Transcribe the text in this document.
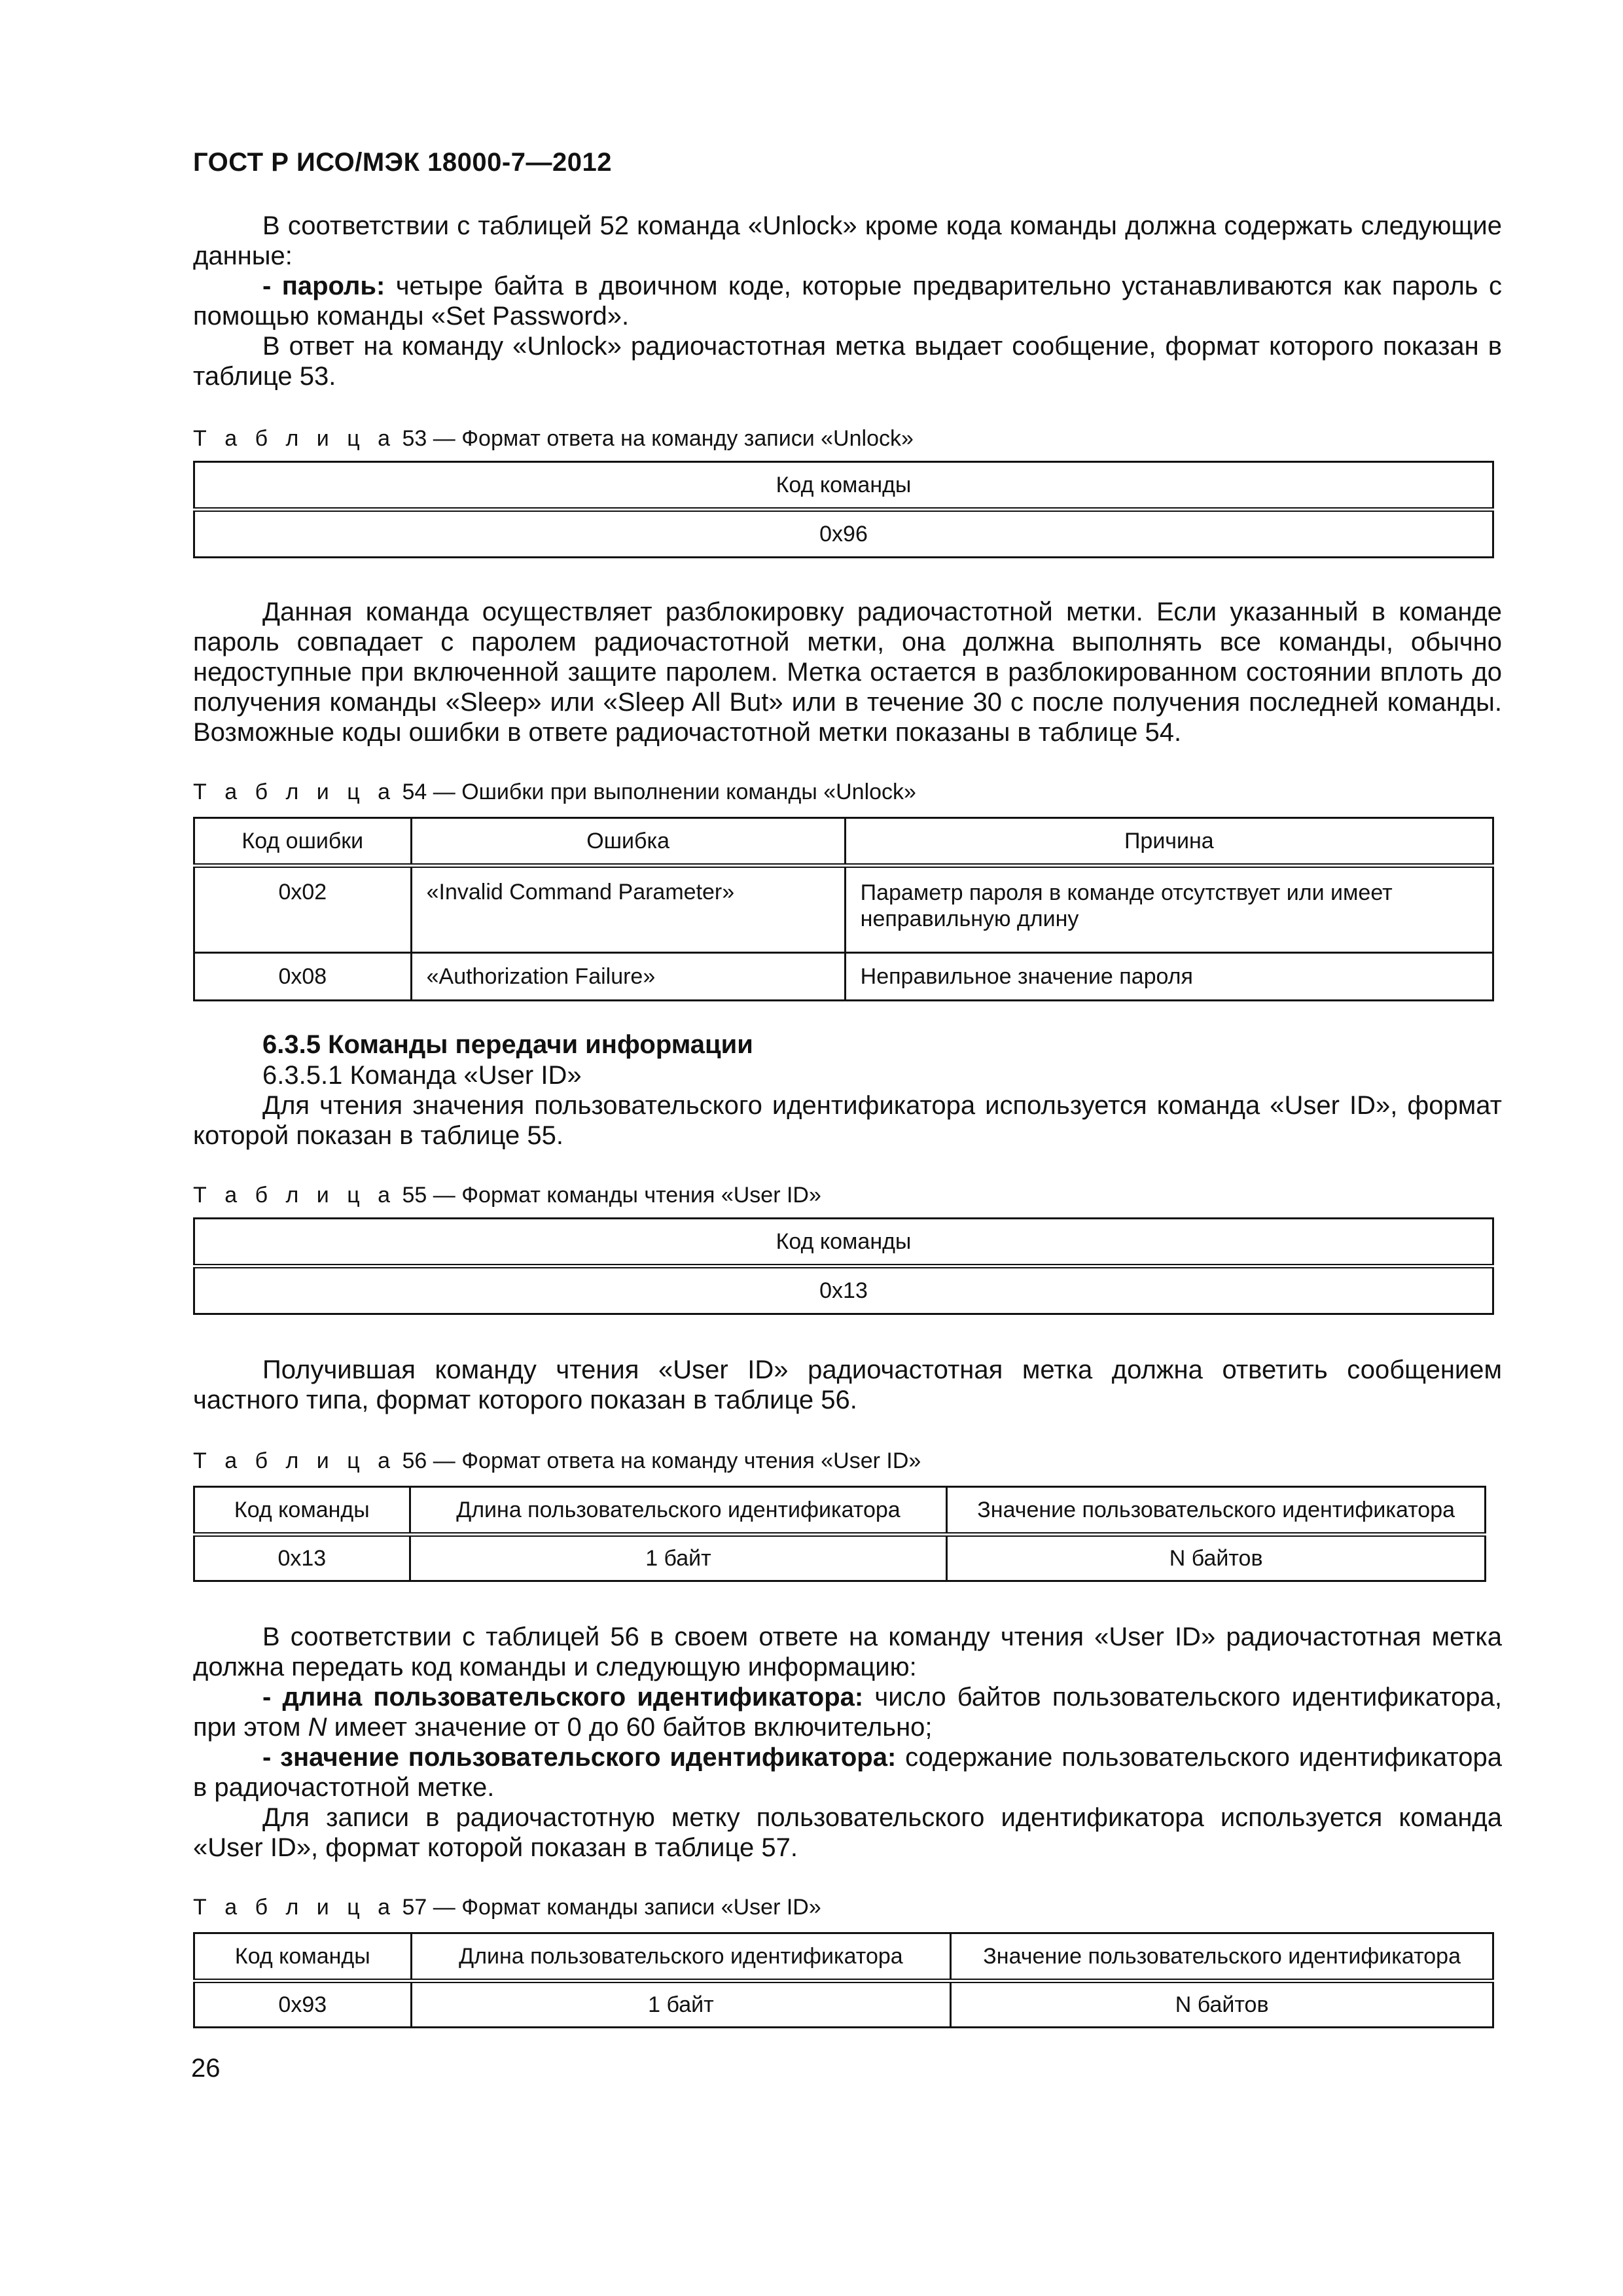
ГОСТ Р ИСО/МЭК 18000-7—2012

В соответствии с таблицей 52 команда «Unlock» кроме кода команды должна содержать следующие данные:

- пароль: четыре байта в двоичном коде, которые предварительно устанавливаются как пароль с помощью команды «Set Password».

В ответ на команду «Unlock» радиочастотная метка выдает сообщение, формат которого показан в таблице 53.

Т а б л и ц а 53 — Формат ответа на команду записи «Unlock»
Код команды
0x96

Данная команда осуществляет разблокировку радиочастотной метки. Если указанный в команде пароль совпадает с паролем радиочастотной метки, она должна выполнять все команды, обычно недоступные при включенной защите паролем. Метка остается в разблокированном состоянии вплоть до получения команды «Sleep» или «Sleep All But» или в течение 30 с после получения последней команды. Возможные коды ошибки в ответе радиочастотной метки показаны в таблице 54.

Т а б л и ц а 54 — Ошибки при выполнении команды «Unlock»
Код ошибки	Ошибка	Причина
0x02	«Invalid Command Parameter»	Параметр пароля в команде отсутствует или имеет неправильную длину
0x08	«Authorization Failure»	Неправильное значение пароля
6.3.5 Команды передачи информации

6.3.5.1 Команда «User ID»

Для чтения значения пользовательского идентификатора используется команда «User ID», формат которой показан в таблице 55.

Т а б л и ц а 55 — Формат команды чтения «User ID»
Код команды
0x13

Получившая команду чтения «User ID» радиочастотная метка должна ответить сообщением частного типа, формат которого показан в таблице 56.

Т а б л и ц а 56 — Формат ответа на команду чтения «User ID»
Код команды	Длина пользовательского идентификатора	Значение пользовательского идентификатора
0x13	1 байт	N байтов

В соответствии с таблицей 56 в своем ответе на команду чтения «User ID» радиочастотная метка должна передать код команды и следующую информацию:

- длина пользовательского идентификатора: число байтов пользовательского идентификатора, при этом N имеет значение от 0 до 60 байтов включительно;

- значение пользовательского идентификатора: содержание пользовательского идентификатора в радиочастотной метке.

Для записи в радиочастотную метку пользовательского идентификатора используется команда «User ID», формат которой показан в таблице 57.

Т а б л и ц а 57 — Формат команды записи «User ID»
Код команды	Длина пользовательского идентификатора	Значение пользовательского идентификатора
0x93	1 байт	N байтов
26
